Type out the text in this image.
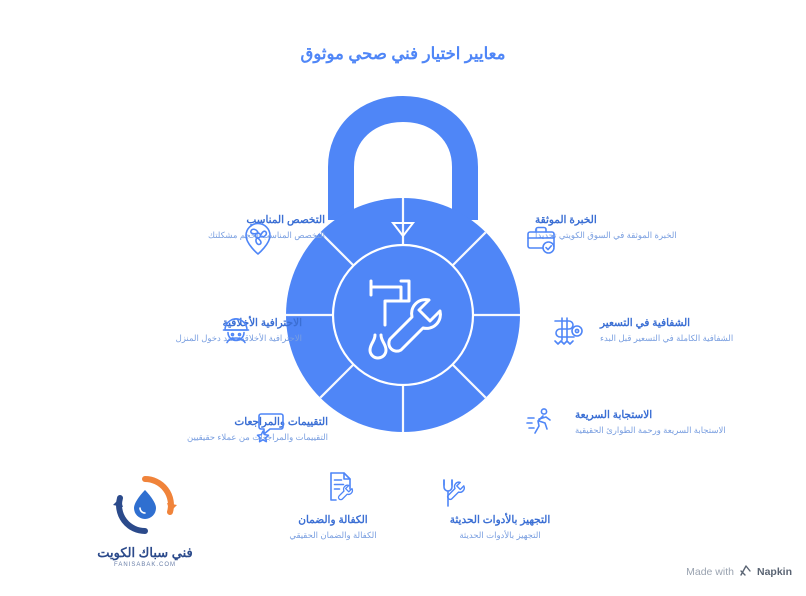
معايير اختيار فني صحي موثوق
التخصص المناسب
التخصص المناسب لحجم مشكلتك
الاحترافية الأخلاقية
الاحترافية الأخلاقية عند دخول المنزل
التقييمات والمراجعات
التقييمات والمراجعات من عملاء حقيقيين
الخبرة الموثقة
الخبرة الموثقة في السوق الكويتي تحديداً
الشفافية في التسعير
الشفافية الكاملة في التسعير قبل البدء
الاستجابة السريعة
الاستجابة السريعة ورحمة الطوارئ الحقيقية
التجهيز بالأدوات الحديثة
التجهيز بالأدوات الحديثة
الكفالة والضمان
الكفالة والضمان الحقيقي
فني سباك الكويت
FANISABAK.COM
Made with Napkin
